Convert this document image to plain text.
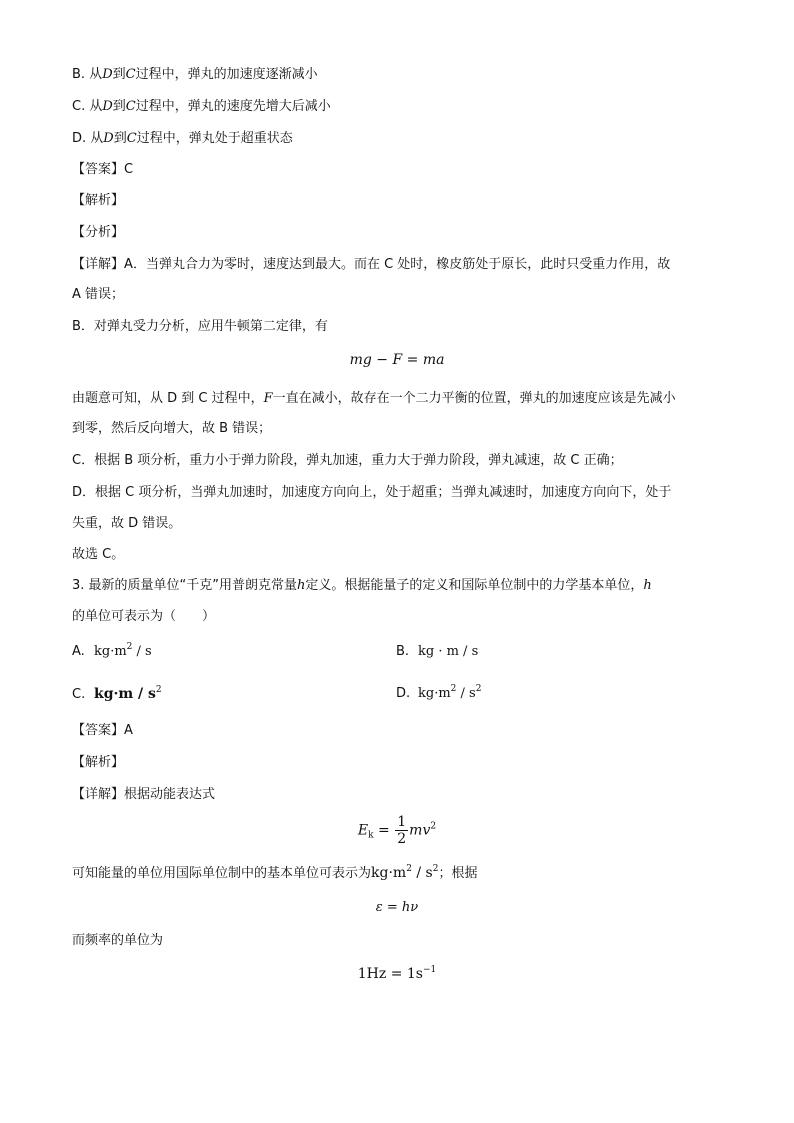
B. 从D到C过程中，弹丸的加速度逐渐减小
C. 从D到C过程中，弹丸的速度先增大后减小
D. 从D到C过程中，弹丸处于超重状态
【 答案 】 C
【 解析 】
【 分析 】
【 详解 】 A．当弹丸合力为零时，速度达到最大。而在 C 处时，橡皮筋处于原长，此时只受重力作用，故
A 错误；
B．对弹丸受力分析，应用牛顿第二定律，有
mg − F = ma
由题意可知，从 D 到 C 过程中，F一直在减小，故存在一个二力平衡的位置，弹丸的加速度应该是先减小
到零，然后反向增大，故 B 错误；
C．根据 B 项分析，重力小于弹力阶段，弹丸加速，重力大于弹力阶段，弹丸减速，故 C 正确；
D．根据 C 项分析，当弹丸加速时，加速度方向向上，处于超重；当弹丸减速时，加速度方向向下，处于
失重，故 D 错误。
故选 C。
3. 最新的质量单位“千克”用普朗克常量h定义。根据能量子的定义和国际单位制中的力学基本单位，h
的单位可表示为（　　）
A. $kg\cdot m^2 / s$	B. kg · m / s
C. $kg\cdot m / s^2$	D. $kg\cdot m^2 / s^2$
【 答案 】 A
【 解析 】
【 详解 】 根据动能表达式
$E_k = \frac{1}{2} mv^2$
可知能量的单位用国际单位制中的基本单位可表示为$kg\cdot m^2 / s^2$；根据
ε = hν
而频率的单位为
$1Hz = 1s^{-1}$
